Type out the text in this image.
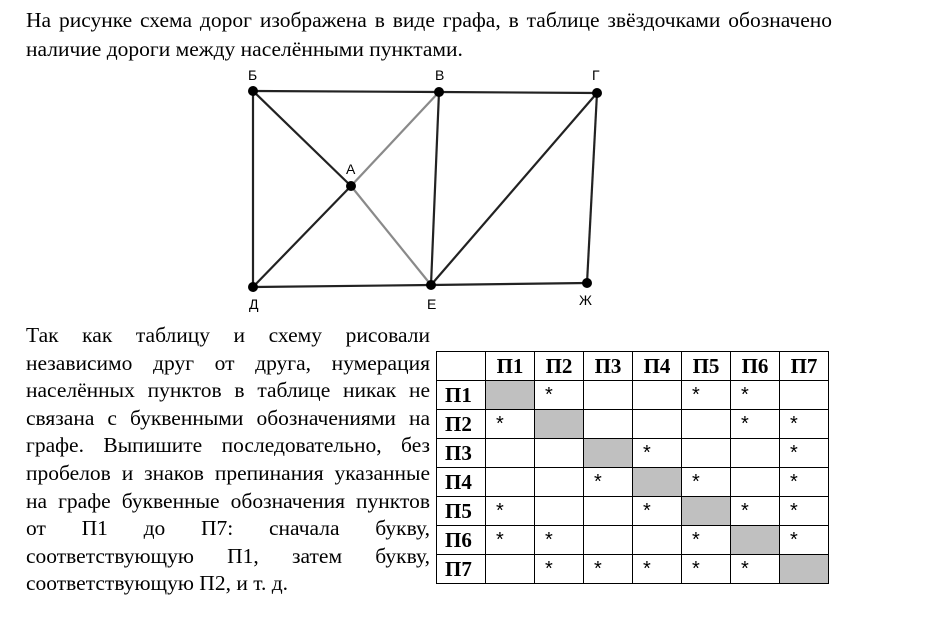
На рисунке схема дорог изображена в виде графа, в таблице звёздочками обозначено наличие дороги между населёнными пунктами.

Б	В	Г
А
Д	Е	Ж

Так как таблицу и схему рисовали независимо друг от друга, нумерация населённых пунктов в таблице никак не связана с буквенными обозначениями на графе. Выпишите последовательно, без пробелов и знаков препинания указанные на графе буквенные обозначения пунктов от П1 до П7: сначала букву, соответствующую П1, затем букву, соответствующую П2, и т. д.

	П1	П2	П3	П4	П5	П6	П7
П1		*			*	*	
П2	*					*	*
П3				*			*
П4			*		*		*
П5	*			*		*	*
П6	*	*			*		*
П7		*	*	*	*	*	
